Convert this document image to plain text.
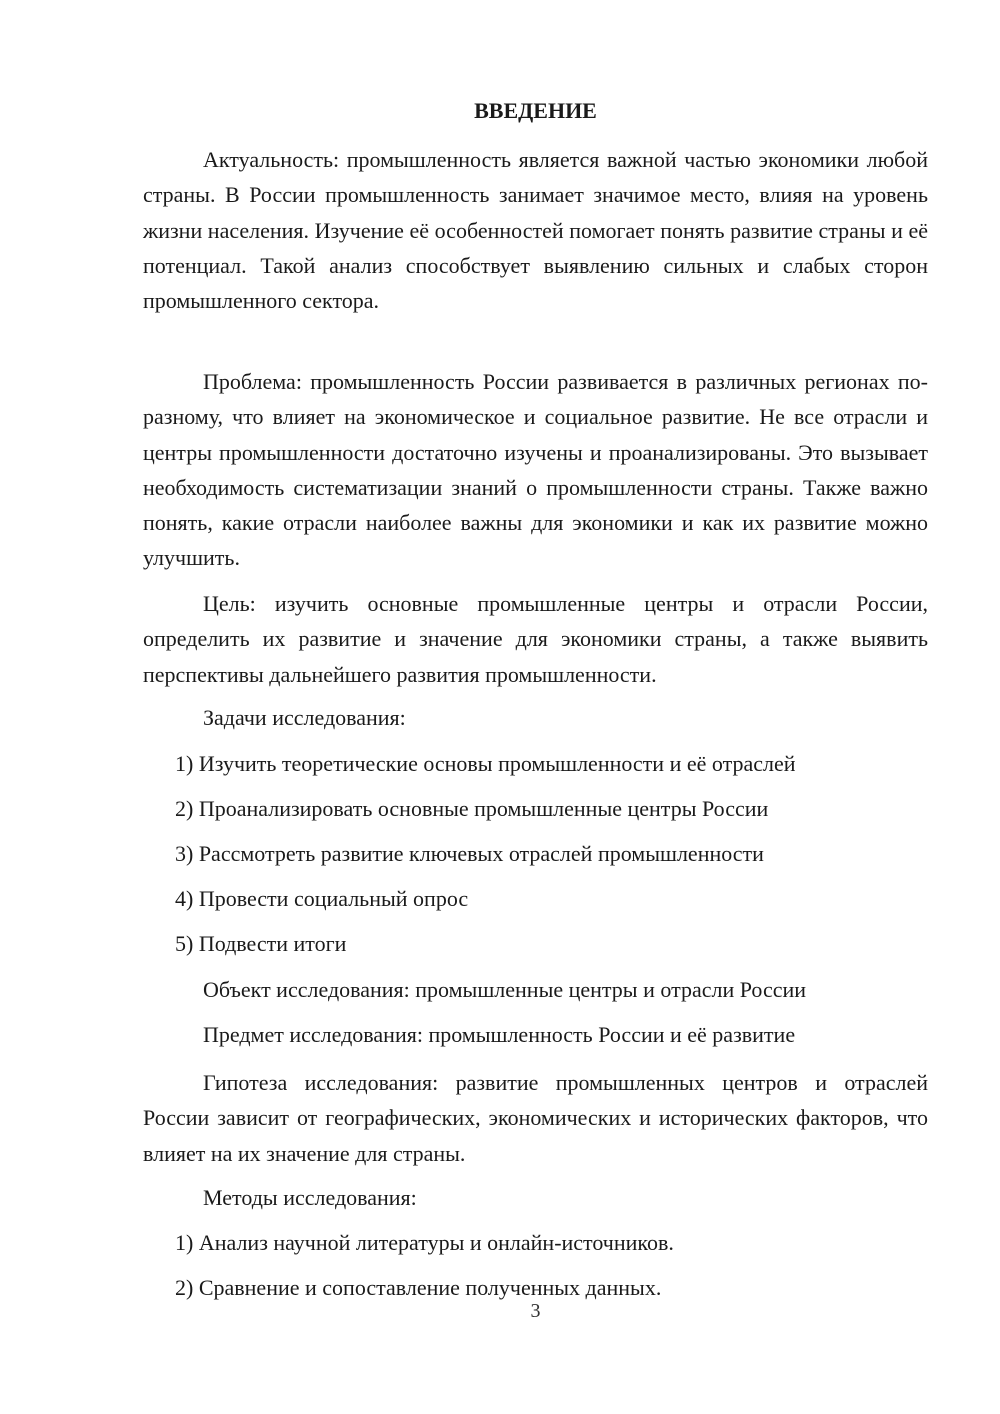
ВВЕДЕНИЕ

Актуальность: промышленность является важной частью экономики любой страны. В России промышленность занимает значимое место, влияя на уровень жизни населения. Изучение её особенностей помогает понять развитие страны и её потенциал. Такой анализ способствует выявлению сильных и слабых сторон промышленного сектора.

Проблема: промышленность России развивается в различных регионах по-разному, что влияет на экономическое и социальное развитие. Не все отрасли и центры промышленности достаточно изучены и проанализированы. Это вызывает необходимость систематизации знаний о промышленности страны. Также важно понять, какие отрасли наиболее важны для экономики и как их развитие можно улучшить.

Цель: изучить основные промышленные центры и отрасли России, определить их развитие и значение для экономики страны, а также выявить перспективы дальнейшего развития промышленности.

Задачи исследования:

1) Изучить теоретические основы промышленности и её отраслей

2) Проанализировать основные промышленные центры России

3) Рассмотреть развитие ключевых отраслей промышленности

4) Провести социальный опрос

5) Подвести итоги

Объект исследования: промышленные центры и отрасли России

Предмет исследования: промышленность России и её развитие

Гипотеза исследования: развитие промышленных центров и отраслей России зависит от географических, экономических и исторических факторов, что влияет на их значение для страны.

Методы исследования:

1) Анализ научной литературы и онлайн-источников.

2) Сравнение и сопоставление полученных данных.

3
